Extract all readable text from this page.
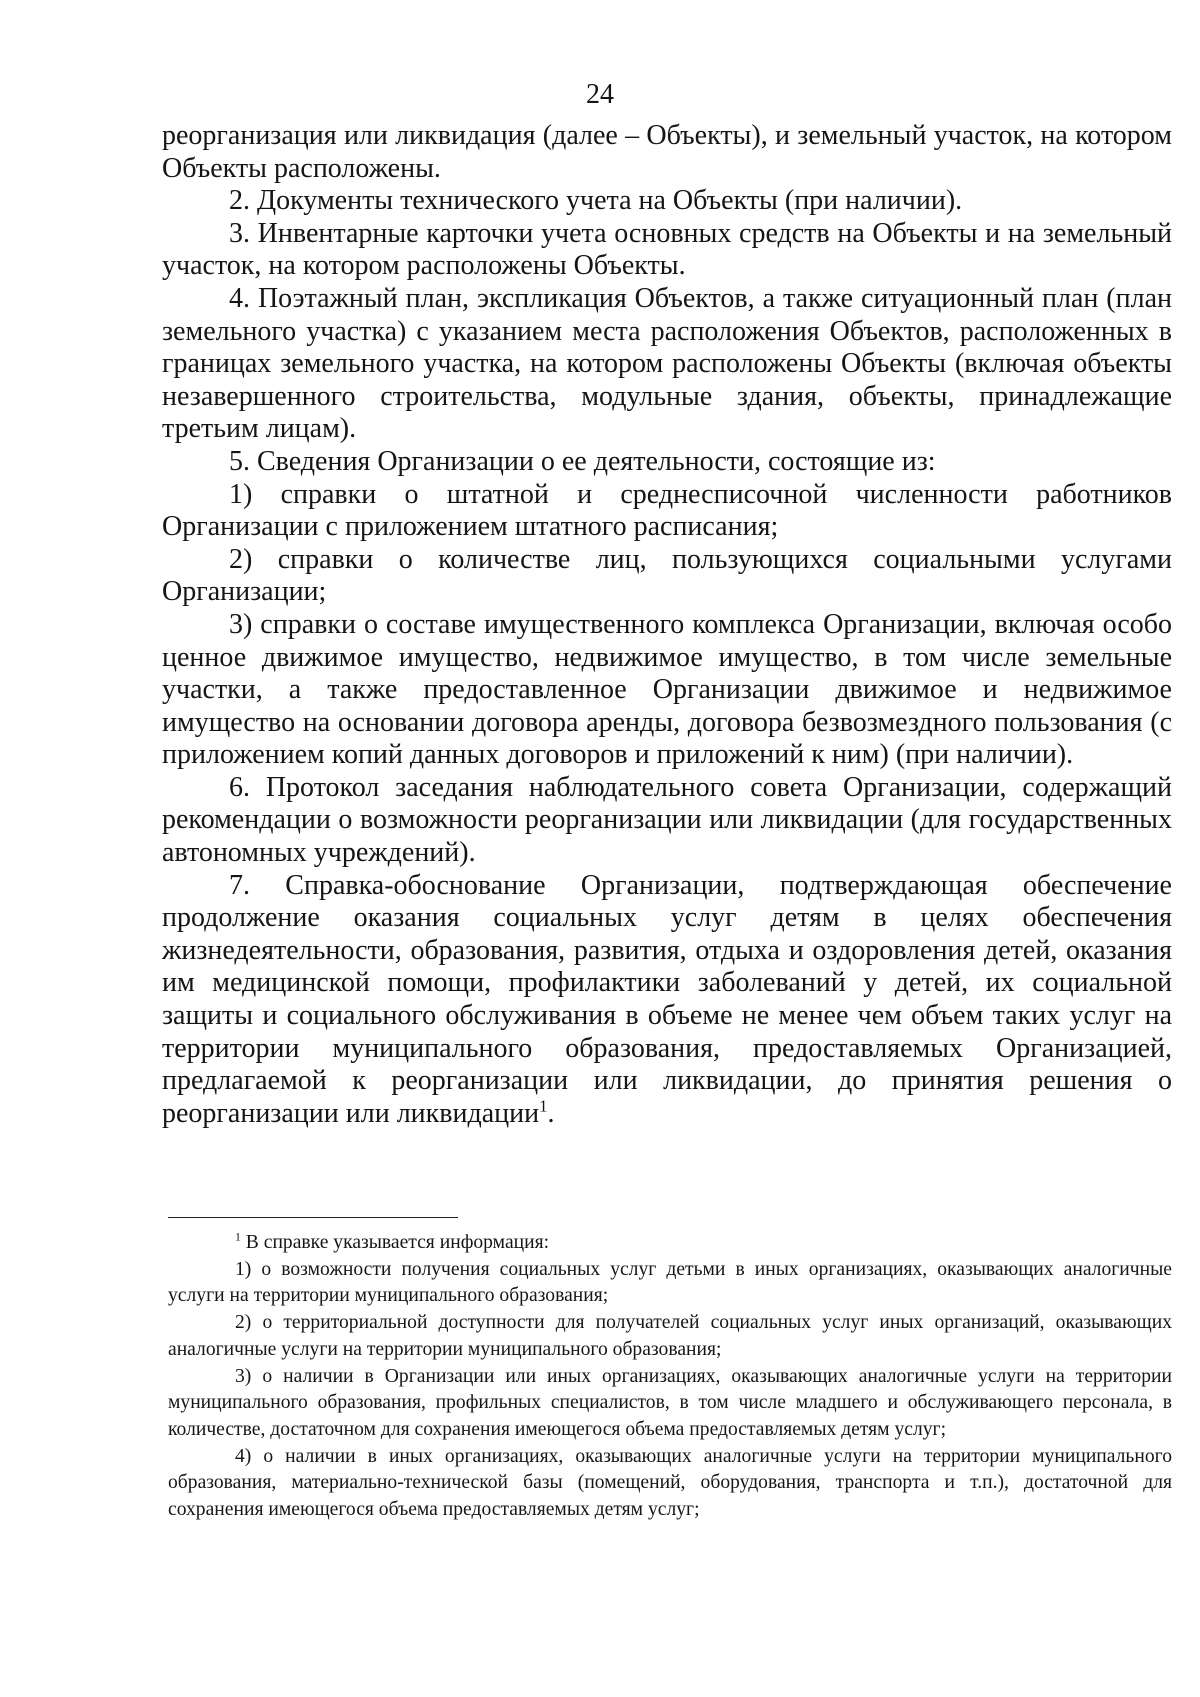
24

реорганизация или ликвидация (далее – Объекты), и земельный участок, на котором Объекты расположены.

2. Документы технического учета на Объекты (при наличии).

3. Инвентарные карточки учета основных средств на Объекты и на земельный участок, на котором расположены Объекты.

4. Поэтажный план, экспликация Объектов, а также ситуационный план (план земельного участка) с указанием места расположения Объектов, расположенных в границах земельного участка, на котором расположены Объекты (включая объекты незавершенного строительства, модульные здания, объекты, принадлежащие третьим лицам).

5. Сведения Организации о ее деятельности, состоящие из:

1) справки о штатной и среднесписочной численности работников Организации с приложением штатного расписания;

2) справки о количестве лиц, пользующихся социальными услугами Организации;

3) справки о составе имущественного комплекса Организации, включая особо ценное движимое имущество, недвижимое имущество, в том числе земельные участки, а также предоставленное Организации движимое и недвижимое имущество на основании договора аренды, договора безвозмездного пользования (с приложением копий данных договоров и приложений к ним) (при наличии).

6. Протокол заседания наблюдательного совета Организации, содержащий рекомендации о возможности реорганизации или ликвидации (для государственных автономных учреждений).

7. Справка-обоснование Организации, подтверждающая обеспечение продолжение оказания социальных услуг детям в целях обеспечения жизнедеятельности, образования, развития, отдыха и оздоровления детей, оказания им медицинской помощи, профилактики заболеваний у детей, их социальной защиты и социального обслуживания в объеме не менее чем объем таких услуг на территории муниципального образования, предоставляемых Организацией, предлагаемой к реорганизации или ликвидации, до принятия решения о реорганизации или ликвидации$^1$.

$^1$ В справке указывается информация:

1) о возможности получения социальных услуг детьми в иных организациях, оказывающих аналогичные услуги на территории муниципального образования;

2) о территориальной доступности для получателей социальных услуг иных организаций, оказывающих аналогичные услуги на территории муниципального образования;

3) о наличии в Организации или иных организациях, оказывающих аналогичные услуги на территории муниципального образования, профильных специалистов, в том числе младшего и обслуживающего персонала, в количестве, достаточном для сохранения имеющегося объема предоставляемых детям услуг;

4) о наличии в иных организациях, оказывающих аналогичные услуги на территории муниципального образования, материально-технической базы (помещений, оборудования, транспорта и т.п.), достаточной для сохранения имеющегося объема предоставляемых детям услуг;
